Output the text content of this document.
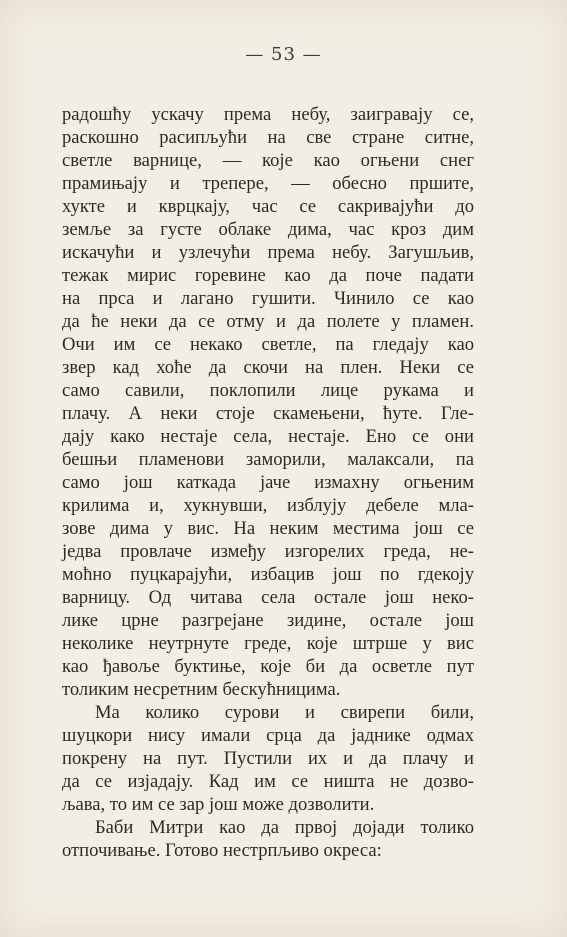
— 53 —
радошћу ускачу према небу, заиграваjу се,
раскошно расипљући на све стране ситне,
светле варнице, — коjе као огњени снег
прамињаjу и трепере, — обесно пршите,
хукте и кврцкаjу, час се сакриваjући до
земље за густе облаке дима, час кроз дим
искачући и узлечући према небу. Загушљив,
тежак мирис горевине као да поче падати
на прса и лагано гушити. Чинило се као
да ће неки да се отму и да полете у пламен.
Очи им се некако светле, па гледаjу као
звер кад хоће да скочи на плен. Неки се
само савили, поклопили лице рукама и
плачу. А неки стоjе скамењени, ћуте. Гле-
даjу како нестаjе села, нестаjе. Ено се они
бешњи пламенови заморили, малаксали, па
само jош каткада jаче измахну огњеним
крилима и, хукнувши, изблуjу дебеле мла-
зове дима у вис. На неким местима jош се
jедва провлаче између изгорелих греда, не-
моћно пуцкараjући, избацив jош по гдекоjу
варницу. Од читава села остале jош неко-
лике црне разгреjане зидине, остале jош
неколике неутрнуте греде, коjе штрше у вис
као ђавоље буктиње, коjе би да осветле пут
толиким несретним бескућницима.
Ма колико сурови и свирепи били,
шуцкори нису имали срца да jаднике одмах
покрену на пут. Пустили их и да плачу и
да се изjадаjу. Кад им се ништа не дозво-
љава, то им се зар jош може дозволити.
Баби Митри као да првоj дојади толико
отпочивање. Готово нестрпљиво окреса:
